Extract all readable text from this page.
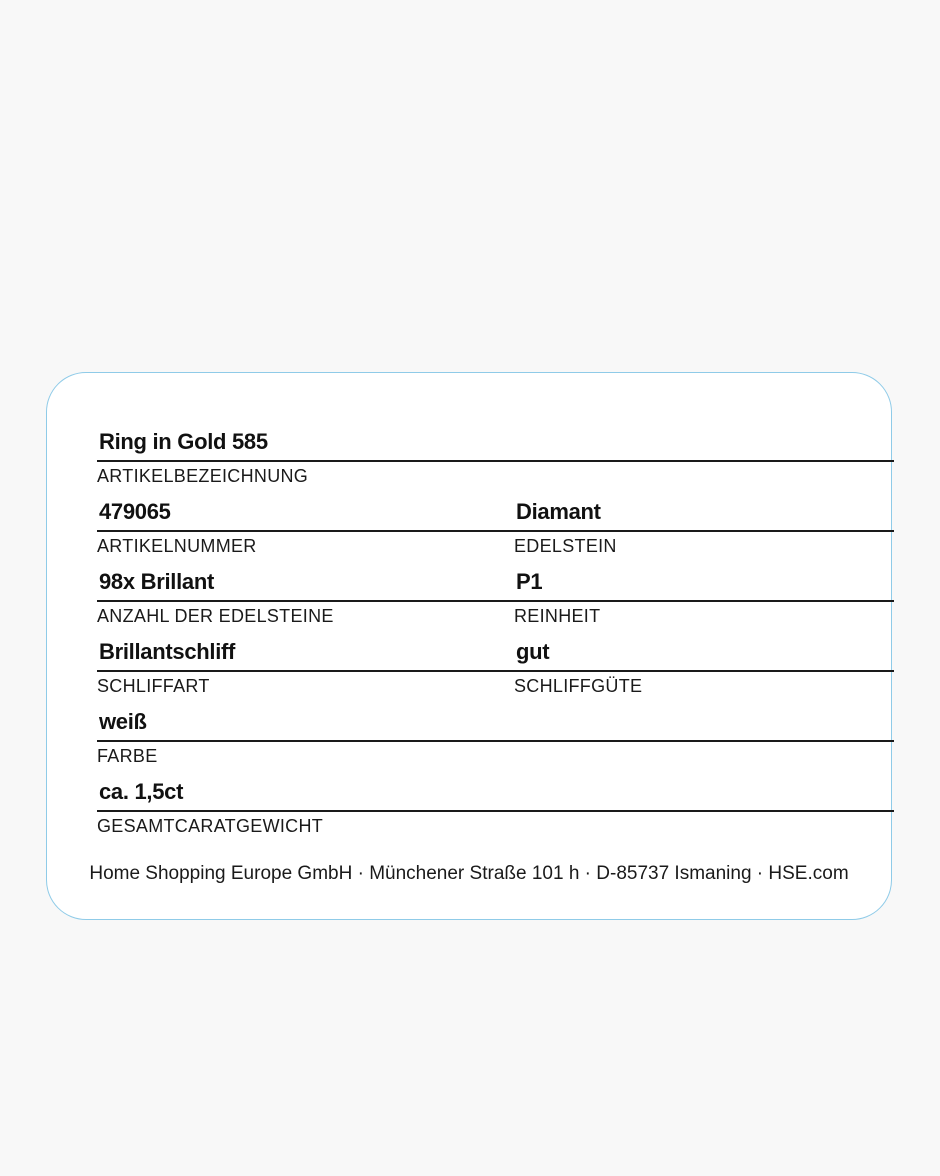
Ring in Gold 585
ARTIKELBEZEICHNUNG
479065
ARTIKELNUMMER
Diamant
EDELSTEIN
98x Brillant
ANZAHL DER EDELSTEINE
P1
REINHEIT
Brillantschliff
SCHLIFFART
gut
SCHLIFFGÜTE
weiß
FARBE
ca. 1,5ct
GESAMTCARATGEWICHT
Home Shopping Europe GmbH · Münchener Straße 101 h · D-85737 Ismaning · HSE.com
